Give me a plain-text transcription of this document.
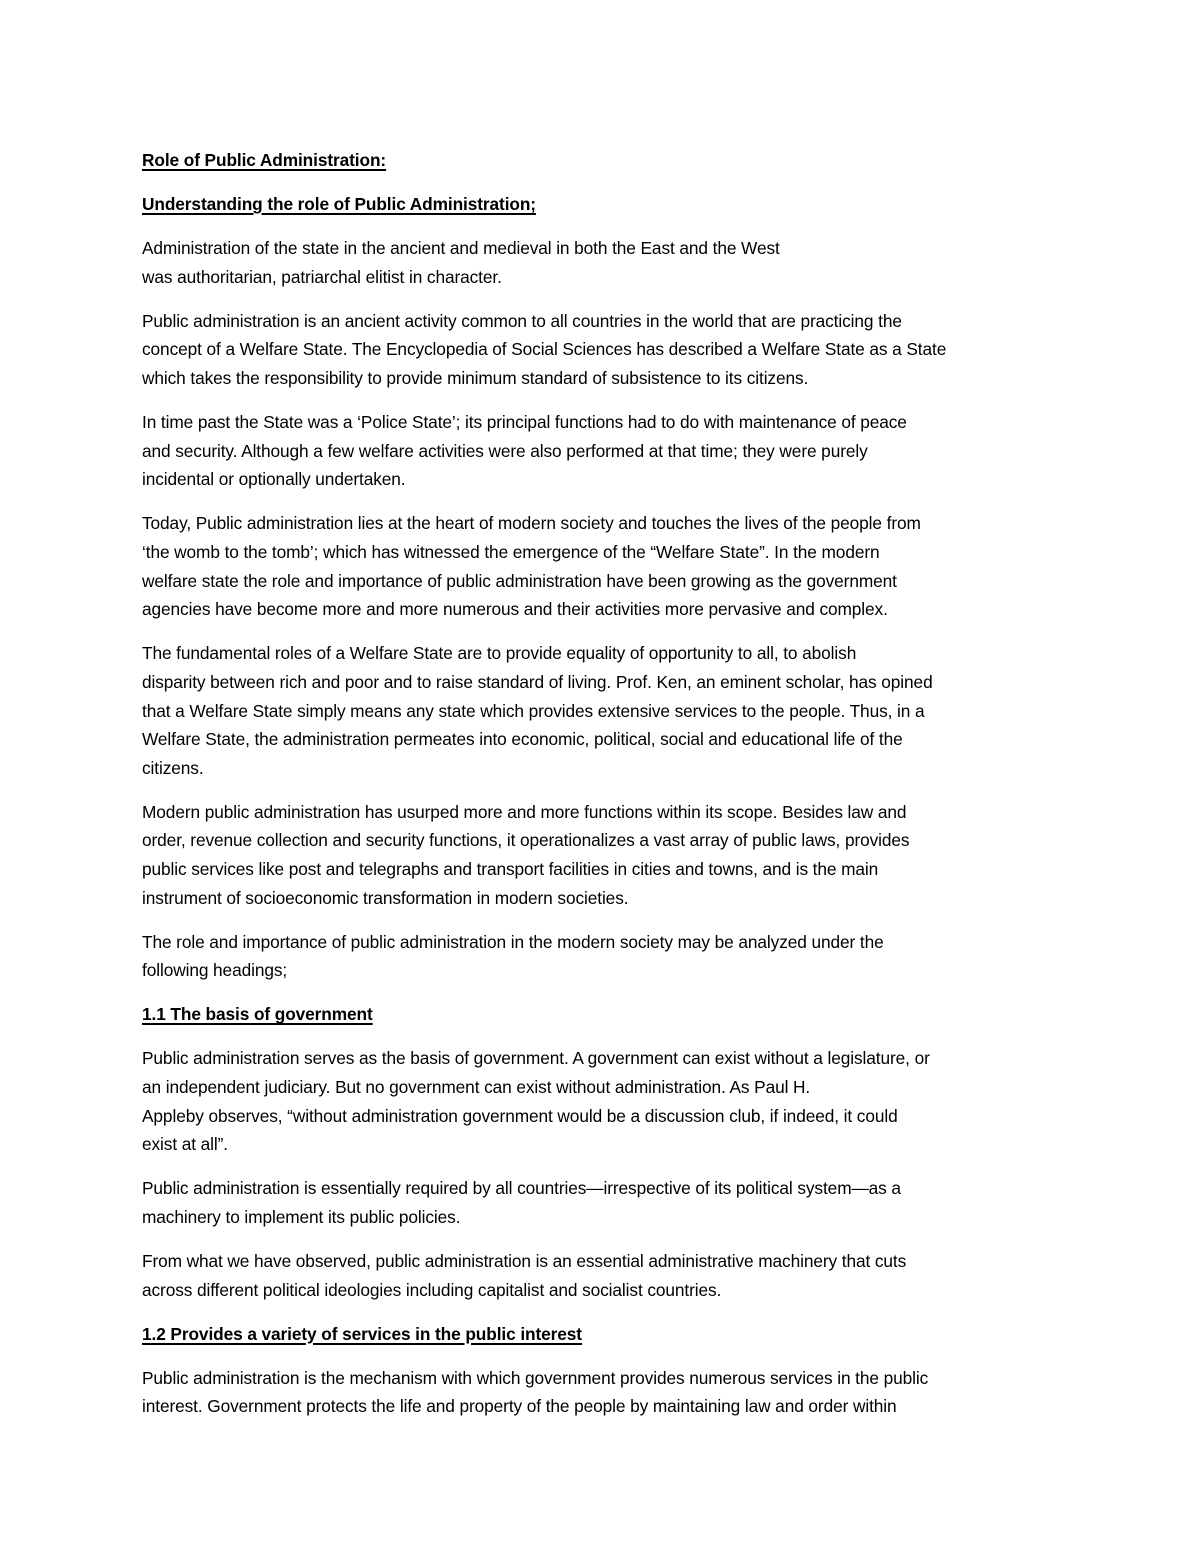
Role of Public Administration:
Understanding the role of Public Administration;
Administration of the state in the ancient and medieval in both the East and the West
was authoritarian, patriarchal elitist in character.
Public administration is an ancient activity common to all countries in the world that are practicing the
concept of a Welfare State. The Encyclopedia of Social Sciences has described a Welfare State as a State
which takes the responsibility to provide minimum standard of subsistence to its citizens.
In time past the State was a ‘Police State’; its principal functions had to do with maintenance of peace
and security. Although a few welfare activities were also performed at that time; they were purely
incidental or optionally undertaken.
Today, Public administration lies at the heart of modern society and touches the lives of the people from
‘the womb to the tomb’; which has witnessed the emergence of the “Welfare State”. In the modern
welfare state the role and importance of public administration have been growing as the government
agencies have become more and more numerous and their activities more pervasive and complex.
The fundamental roles of a Welfare State are to provide equality of opportunity to all, to abolish
disparity between rich and poor and to raise standard of living. Prof. Ken, an eminent scholar, has opined
that a Welfare State simply means any state which provides extensive services to the people. Thus, in a
Welfare State, the administration permeates into economic, political, social and educational life of the
citizens.
Modern public administration has usurped more and more functions within its scope. Besides law and
order, revenue collection and security functions, it operationalizes a vast array of public laws, provides
public services like post and telegraphs and transport facilities in cities and towns, and is the main
instrument of socioeconomic transformation in modern societies.
The role and importance of public administration in the modern society may be analyzed under the
following headings;
1.1 The basis of government
Public administration serves as the basis of government. A government can exist without a legislature, or
an independent judiciary. But no government can exist without administration. As Paul H.
Appleby observes, “without administration government would be a discussion club, if indeed, it could
exist at all”.
Public administration is essentially required by all countries—irrespective of its political system—as a
machinery to implement its public policies.
From what we have observed, public administration is an essential administrative machinery that cuts
across different political ideologies including capitalist and socialist countries.
1.2 Provides a variety of services in the public interest
Public administration is the mechanism with which government provides numerous services in the public
interest. Government protects the life and property of the people by maintaining law and order within
